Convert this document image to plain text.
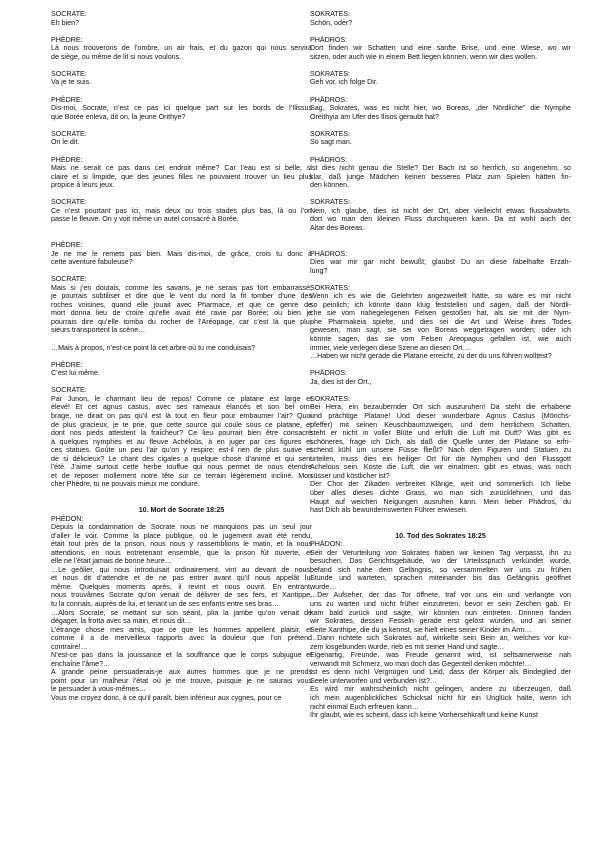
SOCRATE:
Eh bien?
PHÈDRE:
Là nous trouverons de l’ombre, un air frais, et du gazon qui nous servira
de siège, ou même de lit si nous voulons.
SOCRATE:
Va je te suis.
PHÈDRE:
Dis-moi, Socrate, n’est ce pas ici quelque part sur les bords de l’Ilissus
que Borée enleva, dit on, la jeune Orithye?
SOCRATE:
On le dit.
PHÈDRE:
Mais ne serait ce pas dans cet endroit même? Car l’eau est si belle, si
claire et si limpide, que des jeunes filles ne pouvaient trouver un lieu plus
propice à leurs jeux.
SOCRATE:
Ce n’est pourtant pas ici, mais deux ou trois stades plus bas, là ou l’on
passe le fleuve. On y voit même un autel consacré à Borée.
PHÈDRE:
Je ne me le remets pas bien. Mais dis-moi, de grâce, crois tu donc à
cette aventure fabuleuse?
SOCRATE:
Mais si j’en doutais, comme les savans, je ne serais pas fort embarrassé;
je pourrais subtiliser et dire que le vent du nord la fit tomber d’une des
roches voisines, quand elle jouait avec Pharmace, et que ce genre de
mort donna lieu de croire qu’elle avait été ravie par Borée; ou bien je
pourrais dire qu’elle tomba du rocher de l’Aréopage, car c’est là que plu-
sieurs transportent la scène…
…Mais à propos, n’est-ce point là cet arbre où tu me conduisais?
PHÈDRE:
C’est lui même.
SOCRATE:
Par Junon, le charmant lieu de repos! Comme ce platane est large et
élevé! Et cet agnus castus, avec ses rameaux élancés et son bel om-
brage, ne dirait on pas qu’il est là tout en fleur pour embaumer l’air? Quoi
de plus gracieux, je te prie, que cette source qui coule sous ce platane, et
dont nos pieds attestent la fraîcheur? Ce lieu pourrait bien être consacré
à quelques nymphes et au fleuve Achéloüs, à en juger par ces figures et
ces statues. Goûte un peu l’air qu’on y respire: est-il rien de plus suave et
de si délicieux? Le chant des cigales a quelque chose d’animé et qui sent
l’été. J’aime surtout cette herbe touffue qui nous permet de nous étendre
et de reposer mollement notre tête sur ce terrain légèrement incliné. Mon
cher Phèdre, tu ne pouvais mieux me conduire.
10. Mort de Socrate 18:25
PHÉDON:
Depuis la condamnation de Socrate nous ne manquions pas un seul jour
d’aller le voir. Comme la place publique, où le jugement avait été rendu,
était tout près de la prison, nous nous y rassemblions le matin, et là nous
attendions, en nous entretenant ensemble, que la prison fût ouverte, et
elle ne l’était jamais de bonne heure…
…Le geôlier, qui nous introduisait ordinairement, vint au devant de nous,
et nous dit d’attendre et de ne pas entrer avant qu’il nous appelât lui
même. Quelques moments après, il revint et nous ouvrit. En entrant,
nous trouvâmes Socrate qu’on venait de délivrer de ses fers, et Xantippe,
tu la connais, auprès de lui, et tenant un de ses enfants entre ses bras…
…Alors Socrate, se mettant sur son séant, plia la jambe qu’on venait de
dégager, la frotta avec sa main, et nous dit…
L’étrange chose mes amis, que ce que les hommes appellent plaisir, et
comme il a de merveilleux rapports avec la douleur que l’on prétend
contraire!…
N’est-ce pas dans la jouissance et la souffrance que le corps subjugue et
enchaîne l’âme?…
A grande peine persuaderais-je aux autres hommes que je ne prends
point pour un malheur l’état où je me trouve, puisque je ne saurais vous
le persuader à vous-mêmes…
Vous me croyez donc, à ce qu’il paraît, bien inférieur aux cygnes, pour ce
SOKRATES:
Schön, oder?
PHÄDROS:
Dort finden wir Schatten und eine sanfte Brise, und eine Wiese, wo wir
sitzen, oder auch wie in einem Bett liegen können, wenn wir dies wollen.
SOKRATES:
Geh vor, ich folge Dir.
PHÄDROS:
Sag, Sokrates, was es nicht hier, wo Boreas, „der Nördliche” die Nymphe
Oreithyia am Ufer des Ilisos geraubt hat?
SOKRATES:
So sagt man.
PHÄDROS:
Ist dies nicht genau die Stelle? Der Bach ist so herrlich, so angenehm, so
klar, daß junge Mädchen keinen besseres Platz zum Spielen hätten fin-
den können.
SOKRATES:
Nein, ich glaube, dies ist nicht der Ort, aber vielleicht etwas flussabwärts,
dort wo man den kleinen Fluss durchqueren kann. Da ist wohl auch der
Altar des Boreas.
PHÄDROS:
Dies war mir gar nicht bewußt; glaubst Du an diese fabelhafte Erzäh-
lung?
SOKRATES:
Wenn ich es wie die Gelehrten angezweifelt hätte, so wäre es mir nicht
so peinlich; ich könnte dann klug feststellen und sagen, daß der Nördli-
che sie vom nahegelegenen Felsen gestoßen hat, als sie mit der Nym-
phe Pharmakeia spielte, und dies sei die Art und Weise ihres Todes
gewesen, man sagt, sie sei von Boreas weggetragen worden; oder ich
könnte sagen, das sie vom Felsen Areopagus gefallen ist, wie auch
immer, viele verlegen diese Szene an diesen Ort…
…Haben wir nicht gerade die Platane erreicht, zu der du uns führen wolltest?
PHÄDROS:
Ja, dies ist der Ort.,
SOKRATES:
Bei Hera, ein bezaubernder Ort sich auszuruhen! Da steht die erhabene
und prächtige Platane! Und dieser wunderbare Agnus Castus (Mönchs-
pfeffer) mit seinen Keuschbaumzweigen, und dem herrlichem Schatten,
steht er nicht in voller Blüte und erfüllt die Luft mit Duft? Was gibt es
schöneres, frage ich Dich, als daß die Quelle unter der Platane so erfri-
schend kühl um unsere Füsse fließt? Nach den Figuren und Statuen zu
urteilen, muss dies ein heiliger Ort für die Nymphen und den Flussgott
Achelous sein. Koste die Luft, die wir einatmen: gibt es etwas, was noch
süsser und köstlicher ist?
Der Chor der Zikaden verbreitet Klänge, weit und sommerlich. Ich liebe
über alles dieses dichte Grass, wo man sich zurücklehnen, und das
Haupt auf weichen Neigungen ausruhen kann. Mein lieber Phädros, du
hast Dich als bewundernswerten Führer erwiesen.
10. Tod des Sokrates 18:25
PHÄDON:
Seit der Verurteilung von Sokrates haben wir keinen Tag verpasst, ihn zu
besuchen. Das Gerichtsgebäude, wo der Urteilsspruch verkündet wurde,
befand sich nahe dem Gefängnis, so versammelten wir uns zu frühen
Stunde und warteten, sprachen miteinander bis das Gefängnis geöffnet
wurde…
…Der Aufseher, der das Tor öffnete, traf vor uns ein und verlangte von
uns zu warten und nicht früher einzutreten, bevor er sein Zeichen gab. Er
kam bald zurück und sagte, wir könnten nun eintreten. Drinnen fanden
wir Sokrates, dessen Fesseln gerade erst gelöst wurden, und an seiner
Seite Xanthipe, die du ja kennst, sie hielt eines seiner Kinder im Arm…
…Dann richtete sich Sokrates auf, winkelte sein Bein an, welches vor kur-
zem losgebunden wurde, rieb es mit seiner Hand und sagte…
Eigenartig, Freunde, was Freude genannt wird, ist seltsamerweise nah
verwandt mit Schmerz, wo man doch das Gegenteil denken möchte!…
Ist es denn nicht Vergnügen und Leid, dass der Körper als Bindeglied der
Seele unterworfen und verbunden ist?…
Es wird mir wahrscheinlich nicht gelingen, andere zu überzeugen, daß
ich mein augenblickliches Schicksal nicht für ein Unglück halte, wenn ich
nicht einmal Euch erfreuen kann…
Ihr glaubt, wie es scheint, dass ich keine Vorhersehkraft und keine Kunst
